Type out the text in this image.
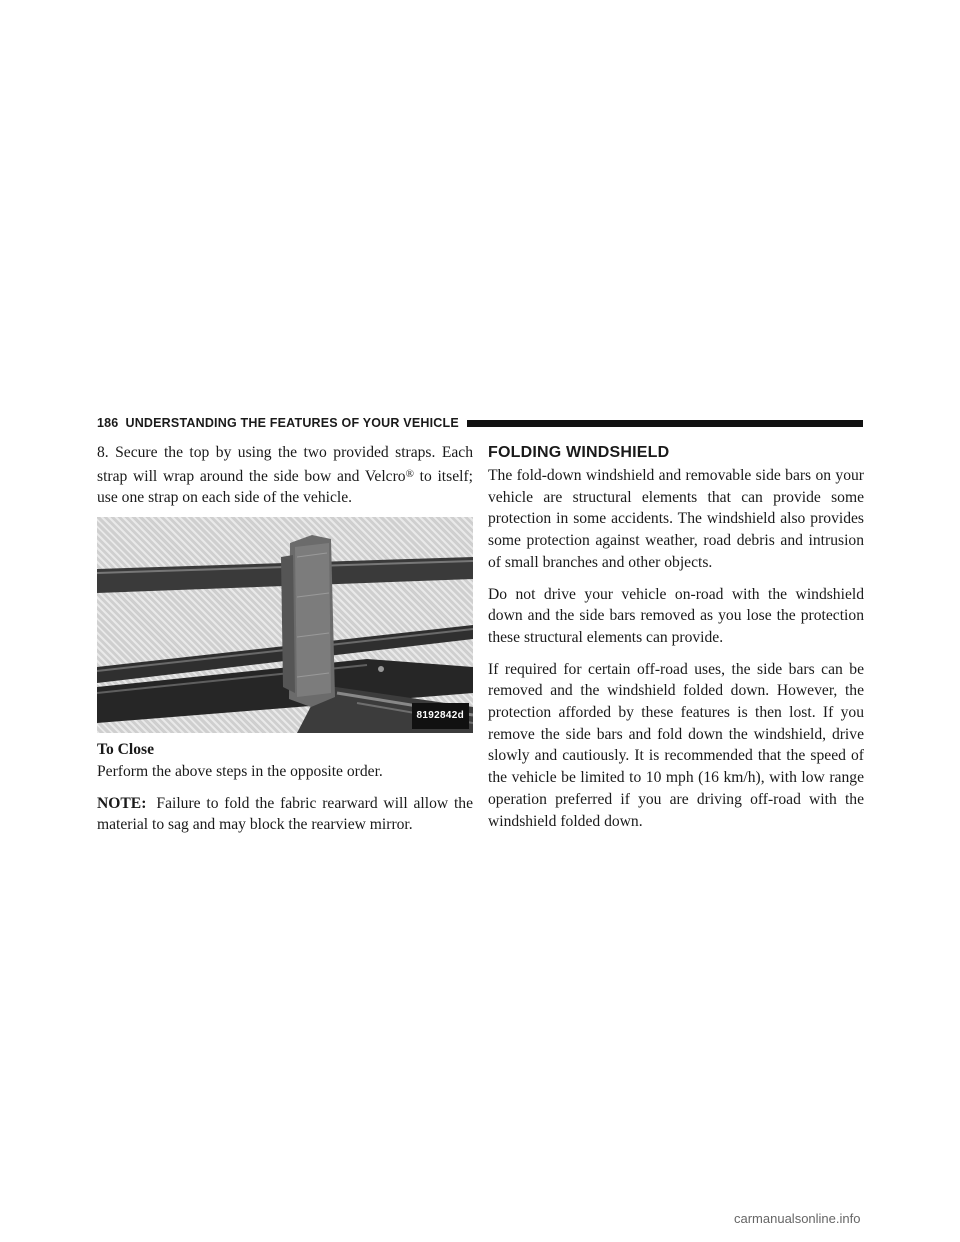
186 UNDERSTANDING THE FEATURES OF YOUR VEHICLE

8. Secure the top by using the two provided straps. Each strap will wrap around the side bow and Velcro® to itself; use one strap on each side of the vehicle.

8192842d

To Close

Perform the above steps in the opposite order.

NOTE: Failure to fold the fabric rearward will allow the material to sag and may block the rearview mirror.

FOLDING WINDSHIELD

The fold-down windshield and removable side bars on your vehicle are structural elements that can provide some protection in some accidents. The windshield also provides some protection against weather, road debris and intrusion of small branches and other objects.

Do not drive your vehicle on-road with the windshield down and the side bars removed as you lose the protection these structural elements can provide.

If required for certain off-road uses, the side bars can be removed and the windshield folded down. However, the protection afforded by these features is then lost. If you remove the side bars and fold down the windshield, drive slowly and cautiously. It is recommended that the speed of the vehicle be limited to 10 mph (16 km/h), with low range operation preferred if you are driving off-road with the windshield folded down.

carmanualsonline.info
